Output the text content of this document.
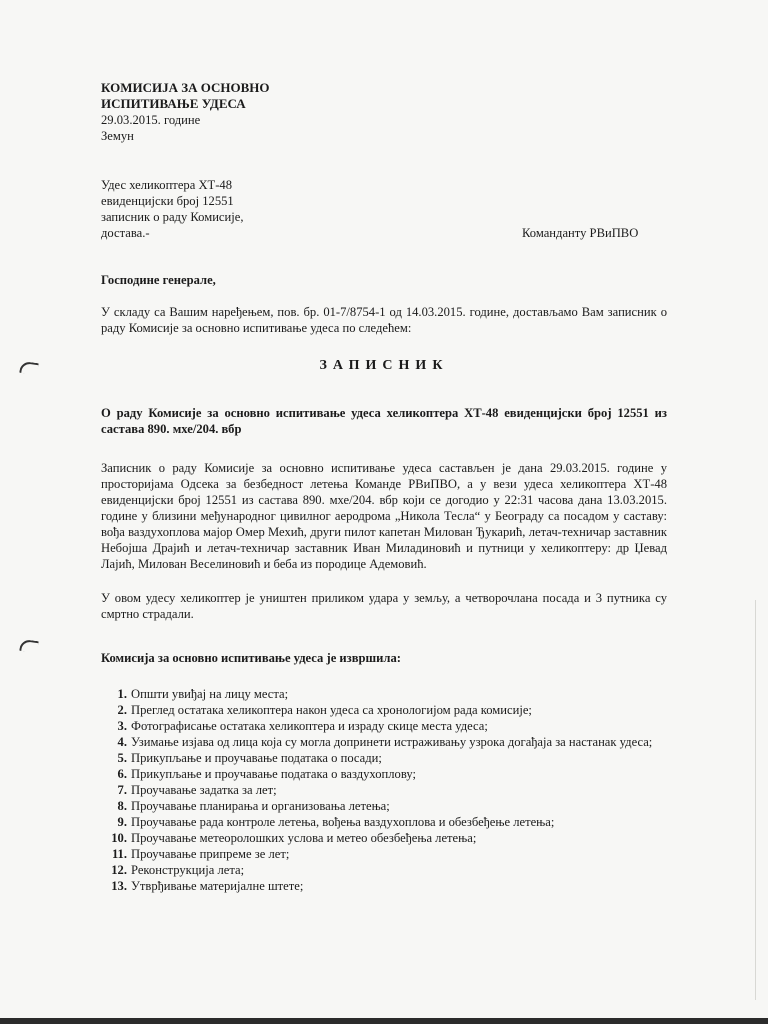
КОМИСИЈА ЗА ОСНОВНО
ИСПИТИВАЊЕ УДЕСА
29.03.2015. године
Земун
Удес хеликоптера ХТ-48
евиденцијски број 12551
записник о раду Комисије,
достава.-	Команданту РВиПВО

Господине генерале,

У складу са Вашим наређењем, пов. бр. 01-7/8754-1 од 14.03.2015. године, достављамо Вам записник о раду Комисије за основно испитивање удеса по следећем:

ЗАПИСНИК

О раду Комисије за основно испитивање удеса хеликоптера ХТ-48 евиденцијски број 12551 из састава 890. мхе/204. вбр

Записник о раду Комисије за основно испитивање удеса састављен је дана 29.03.2015. године у просторијама Одсека за безбедност летења Команде РВиПВО, а у вези удеса хеликоптера ХТ-48 евиденцијски број 12551 из састава 890. мхе/204. вбр који се догодио у 22:31 часова дана 13.03.2015. године у близини међународног цивилног аеродрома „Никола Тесла“ у Београду са посадом у саставу: вођа ваздухоплова мајор Омер Мехић, други пилот капетан Милован Ђукарић, летач-техничар заставник Небојша Драјић и летач-техничар заставник Иван Миладиновић и путници у хеликоптеру: др Џевад Лајић, Милован Веселиновић и беба из породице Адемовић.

У овом удесу хеликоптер је уништен приликом удара у земљу, а четворочлана посада и 3 путника су смртно страдали.

Комисија за основно испитивање удеса је извршила:

1. Општи увиђај на лицу места;
2. Преглед остатака хеликоптера након удеса са хронологијом рада комисије;
3. Фотографисање остатака хеликоптера и израду скице места удеса;
4. Узимање изјава од лица која су могла допринети истраживању узрока догађаја за настанак удеса;
5. Прикупљање и проучавање података о посади;
6. Прикупљање и проучавање података о ваздухоплову;
7. Проучавање задатка за лет;
8. Проучавање планирања и организовања летења;
9. Проучавање рада контроле летења, вођења ваздухоплова и обезбеђење летења;
10. Проучавање метеоролошких услова и метео обезбеђења летења;
11. Проучавање припреме зе лет;
12. Реконструкција лета;
13. Утврђивање материјалне штете;
